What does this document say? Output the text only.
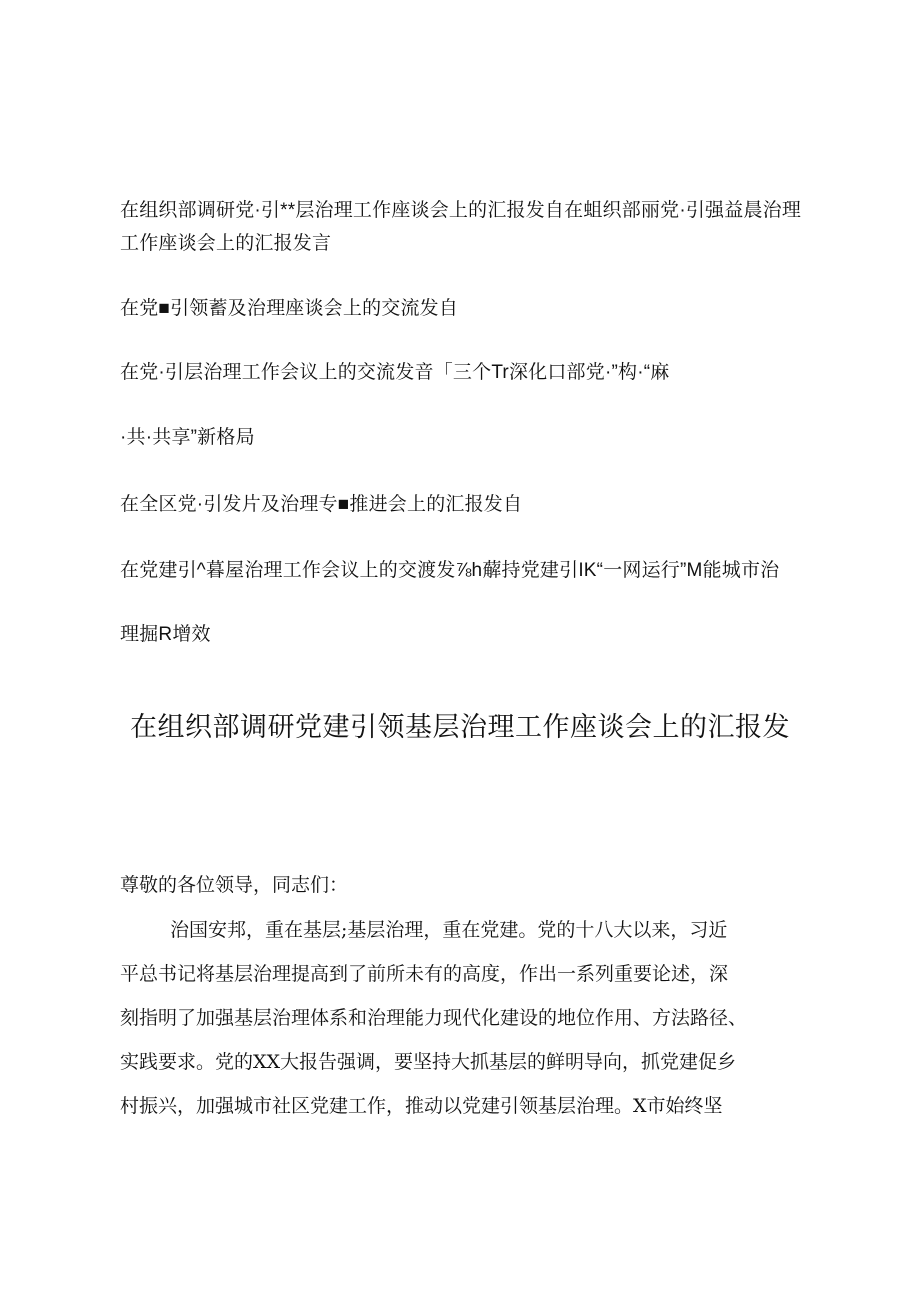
在组织部调研党·引**层治理工作座谈会上的汇报发自在蛆织部丽党·引强益晨治理

工作座谈会上的汇报发言

在党■引领蓄及治理座谈会上的交流发自

在党·引层治理工作会议上的交流发音「三个Tr深化口部党·”构·“麻

·共·共享”新格局

在全区党·引发片及治理专■推进会上的汇报发自

在党建引^暮屋治理工作会议上的交渡发⅞h薢持党建引IK“一网运行”M能城市治

理掘R增效

在组织部调研党建引领基层治理工作座谈会上的汇报发

尊敬的各位领导，同志们：

治国安邦，重在基层;基层治理，重在党建。党的十八大以来，习近

平总书记将基层治理提高到了前所未有的高度，作出一系列重要论述，深

刻指明了加强基层治理体系和治理能力现代化建设的地位作用、方法路径、

实践要求。党的XX大报告强调，要坚持大抓基层的鲜明导向，抓党建促乡

村振兴，加强城市社区党建工作，推动以党建引领基层治理。X市始终坚
